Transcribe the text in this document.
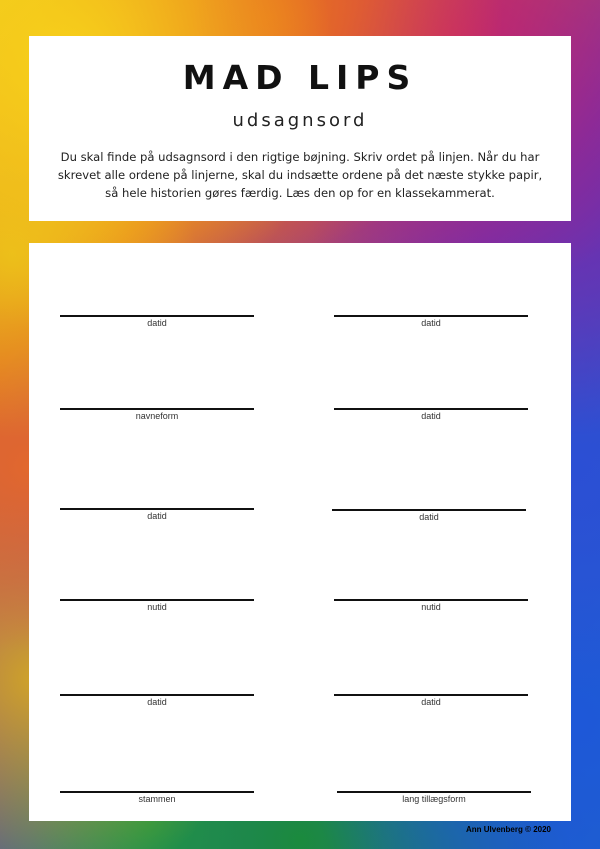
MAD LIPS
udsagnsord
Du skal finde på udsagnsord i den rigtige bøjning. Skriv ordet på linjen. Når du har skrevet alle ordene på linjerne, skal du indsætte ordene på det næste stykke papir, så hele historien gøres færdig. Læs den op for en klassekammerat.
datid	datid
navneform	datid
datid	datid
nutid	nutid
datid	datid
stammen	lang tillægsform
Ann Ulvenberg © 2020
